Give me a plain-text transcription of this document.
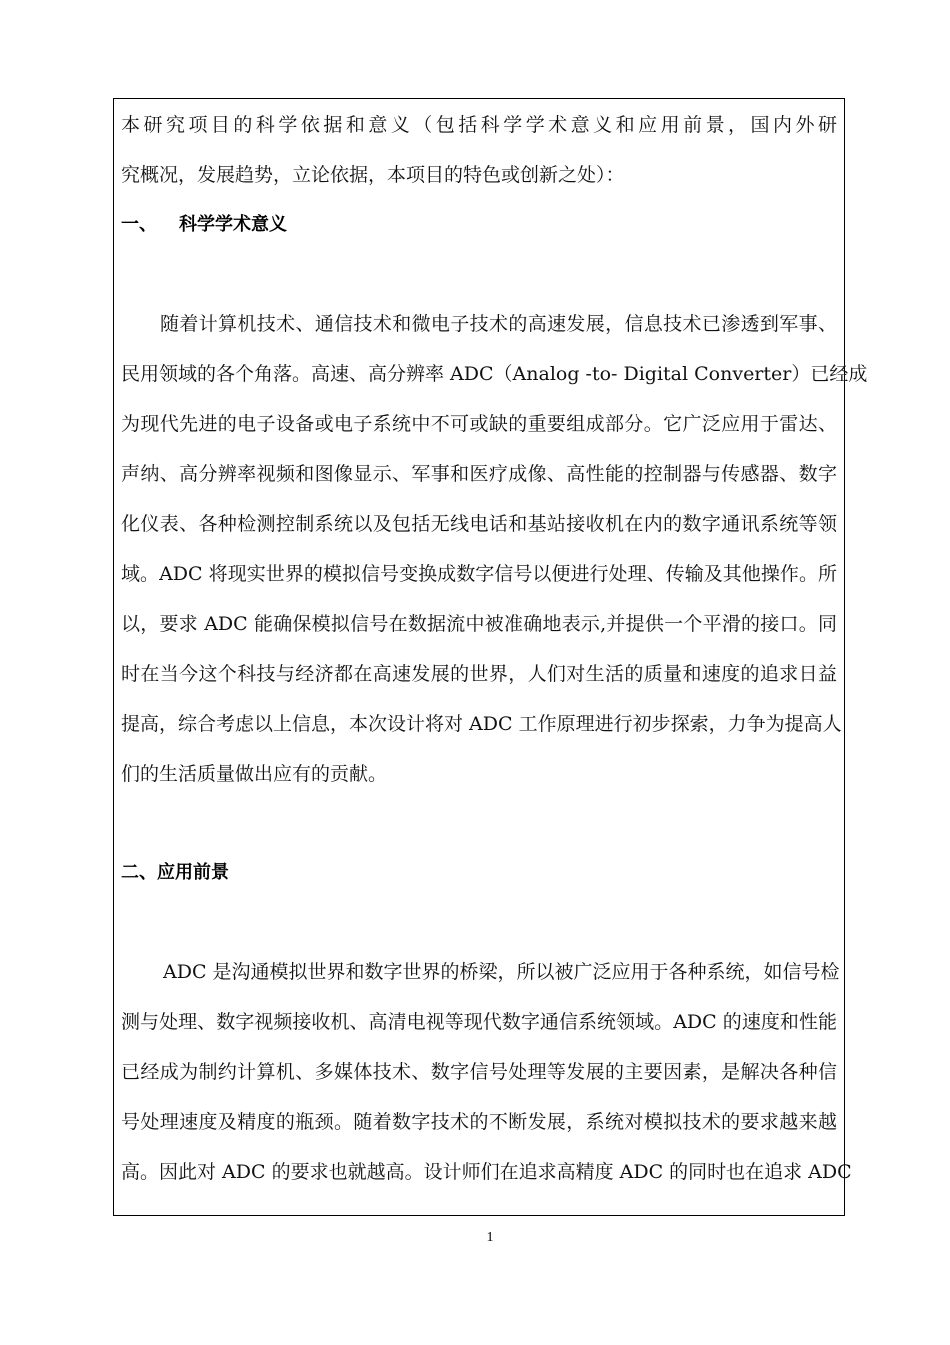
本研究项目的科学依据和意义（包括科学学术意义和应用前景，国内外研
究概况，发展趋势，立论依据，本项目的特色或创新之处）：
一、 科学学术意义
随着计算机技术、通信技术和微电子技术的高速发展，信息技术已渗透到军事、
民用领域的各个角落。高速、高分辨率 ADC（Analog -to- Digital Converter）已经成
为现代先进的电子设备或电子系统中不可或缺的重要组成部分。它广泛应用于雷达、
声纳、高分辨率视频和图像显示、军事和医疗成像、高性能的控制器与传感器、数字
化仪表、各种检测控制系统以及包括无线电话和基站接收机在内的数字通讯系统等领
域。ADC 将现实世界的模拟信号变换成数字信号以便进行处理、传输及其他操作。所
以，要求 ADC 能确保模拟信号在数据流中被准确地表示,并提供一个平滑的接口。同
时在当今这个科技与经济都在高速发展的世界，人们对生活的质量和速度的追求日益
提高，综合考虑以上信息，本次设计将对 ADC 工作原理进行初步探索，力争为提高人
们的生活质量做出应有的贡献。
二、应用前景
ADC 是沟通模拟世界和数字世界的桥梁，所以被广泛应用于各种系统，如信号检
测与处理、数字视频接收机、高清电视等现代数字通信系统领域。ADC 的速度和性能
已经成为制约计算机、多媒体技术、数字信号处理等发展的主要因素，是解决各种信
号处理速度及精度的瓶颈。随着数字技术的不断发展，系统对模拟技术的要求越来越
高。因此对 ADC 的要求也就越高。设计师们在追求高精度 ADC 的同时也在追求 ADC
1
